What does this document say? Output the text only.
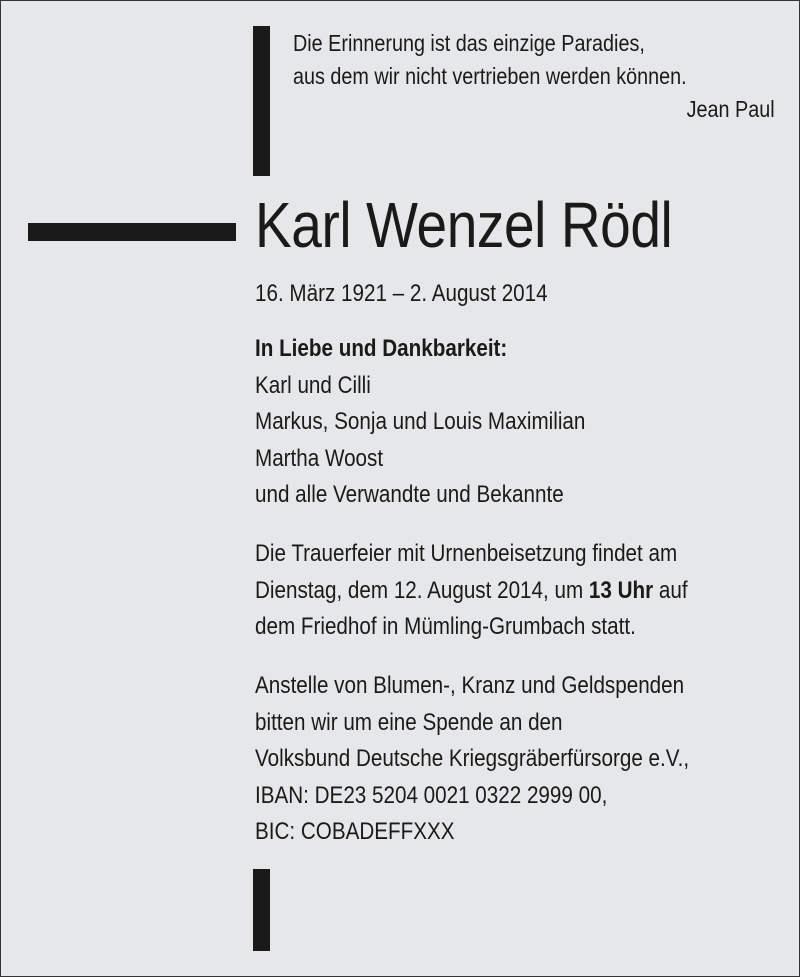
Die Erinnerung ist das einzige Paradies,
aus dem wir nicht vertrieben werden können.
Jean Paul
Karl Wenzel Rödl
16. März 1921 – 2. August 2014
In Liebe und Dankbarkeit:
Karl und Cilli
Markus, Sonja und Louis Maximilian
Martha Woost
und alle Verwandte und Bekannte
Die Trauerfeier mit Urnenbeisetzung findet am
Dienstag, dem 12. August 2014, um 13 Uhr auf
dem Friedhof in Mümling-Grumbach statt.
Anstelle von Blumen-, Kranz und Geldspenden
bitten wir um eine Spende an den
Volksbund Deutsche Kriegsgräberfürsorge e.V.,
IBAN: DE23 5204 0021 0322 2999 00,
BIC: COBADEFFXXX
